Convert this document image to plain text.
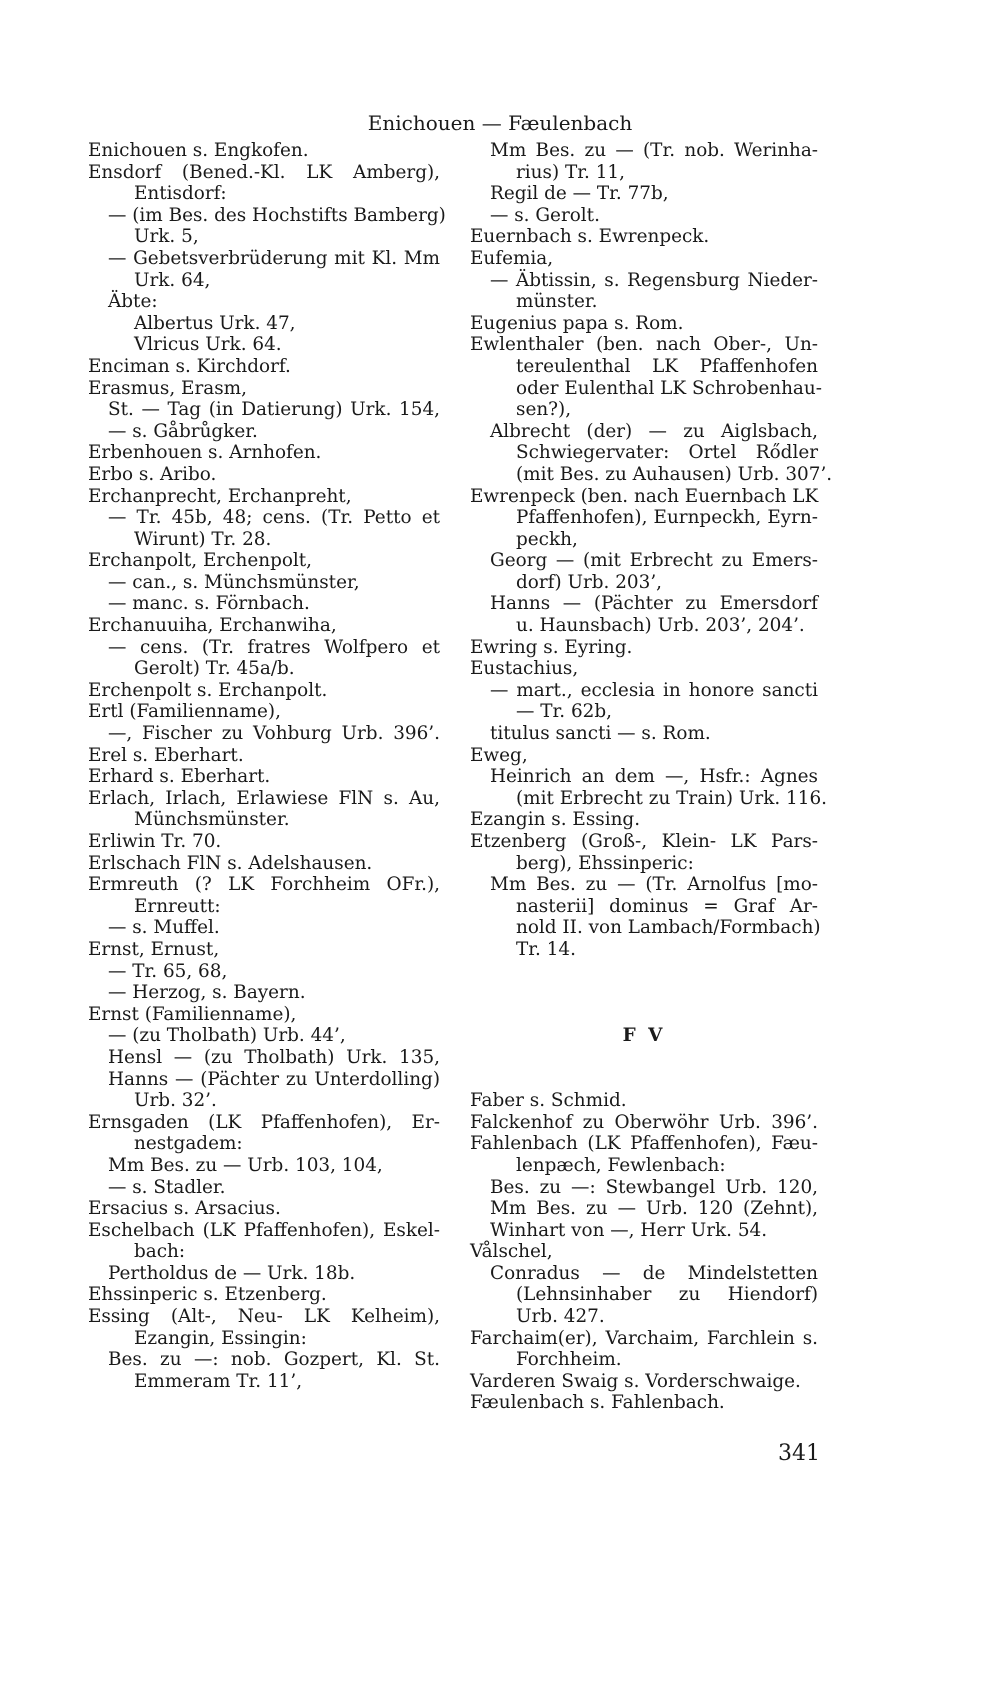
Enichouen — Fæulenbach
Enichouen s. Engkofen.
Ensdorf (Bened.-Kl. LK Amberg),
Entisdorf:
— (im Bes. des Hochstifts Bamberg)
Urk. 5,
— Gebetsverbrüderung mit Kl. Mm
Urk. 64,
Äbte:
Albertus Urk. 47,
Vlricus Urk. 64.
Enciman s. Kirchdorf.
Erasmus, Erasm,
St. — Tag (in Datierung) Urk. 154,
— s. Gåbrůgker.
Erbenhouen s. Arnhofen.
Erbo s. Aribo.
Erchanprecht, Erchanpreht,
— Tr. 45b, 48; cens. (Tr. Petto et
Wirunt) Tr. 28.
Erchanpolt, Erchenpolt,
— can., s. Münchsmünster,
— manc. s. Förnbach.
Erchanuuiha, Erchanwiha,
— cens. (Tr. fratres Wolfpero et
Gerolt) Tr. 45a/b.
Erchenpolt s. Erchanpolt.
Ertl (Familienname),
—, Fischer zu Vohburg Urb. 396’.
Erel s. Eberhart.
Erhard s. Eberhart.
Erlach, Irlach, Erlawiese FlN s. Au,
Münchsmünster.
Erliwin Tr. 70.
Erlschach FlN s. Adelshausen.
Ermreuth (? LK Forchheim OFr.),
Ernreutt:
— s. Muffel.
Ernst, Ernust,
— Tr. 65, 68,
— Herzog, s. Bayern.
Ernst (Familienname),
— (zu Tholbath) Urb. 44’,
Hensl — (zu Tholbath) Urk. 135,
Hanns — (Pächter zu Unterdolling)
Urb. 32’.
Ernsgaden (LK Pfaffenhofen), Er-
nestgadem:
Mm Bes. zu — Urb. 103, 104,
— s. Stadler.
Ersacius s. Arsacius.
Eschelbach (LK Pfaffenhofen), Eskel-
bach:
Pertholdus de — Urk. 18b.
Ehssinperic s. Etzenberg.
Essing (Alt-, Neu- LK Kelheim),
Ezangin, Essingin:
Bes. zu —: nob. Gozpert, Kl. St.
Emmeram Tr. 11’,
Mm Bes. zu — (Tr. nob. Werinha-
rius) Tr. 11,
Regil de — Tr. 77b,
— s. Gerolt.
Euernbach s. Ewrenpeck.
Eufemia,
— Äbtissin, s. Regensburg Nieder-
münster.
Eugenius papa s. Rom.
Ewlenthaler (ben. nach Ober-, Un-
tereulenthal LK Pfaffenhofen
oder Eulenthal LK Schrobenhau-
sen?),
Albrecht (der) — zu Aiglsbach,
Schwiegervater: Ortel Rődler
(mit Bes. zu Auhausen) Urb. 307’.
Ewrenpeck (ben. nach Euernbach LK
Pfaffenhofen), Eurnpeckh, Eyrn-
peckh,
Georg — (mit Erbrecht zu Emers-
dorf) Urb. 203’,
Hanns — (Pächter zu Emersdorf
u. Haunsbach) Urb. 203’, 204’.
Ewring s. Eyring.
Eustachius,
— mart., ecclesia in honore sancti
— Tr. 62b,
titulus sancti — s. Rom.
Eweg,
Heinrich an dem —, Hsfr.: Agnes
(mit Erbrecht zu Train) Urk. 116.
Ezangin s. Essing.
Etzenberg (Groß-, Klein- LK Pars-
berg), Ehssinperic:
Mm Bes. zu — (Tr. Arnolfus [mo-
nasterii] dominus = Graf Ar-
nold II. von Lambach/Formbach)
Tr. 14.
F V
Faber s. Schmid.
Falckenhof zu Oberwöhr Urb. 396’.
Fahlenbach (LK Pfaffenhofen), Fæu-
lenpæch, Fewlenbach:
Bes. zu —: Stewbangel Urb. 120,
Mm Bes. zu — Urb. 120 (Zehnt),
Winhart von —, Herr Urk. 54.
Vålschel,
Conradus — de Mindelstetten
(Lehnsinhaber zu Hiendorf)
Urb. 427.
Farchaim(er), Varchaim, Farchlein s.
Forchheim.
Varderen Swaig s. Vorderschwaige.
Fæulenbach s. Fahlenbach.
341
